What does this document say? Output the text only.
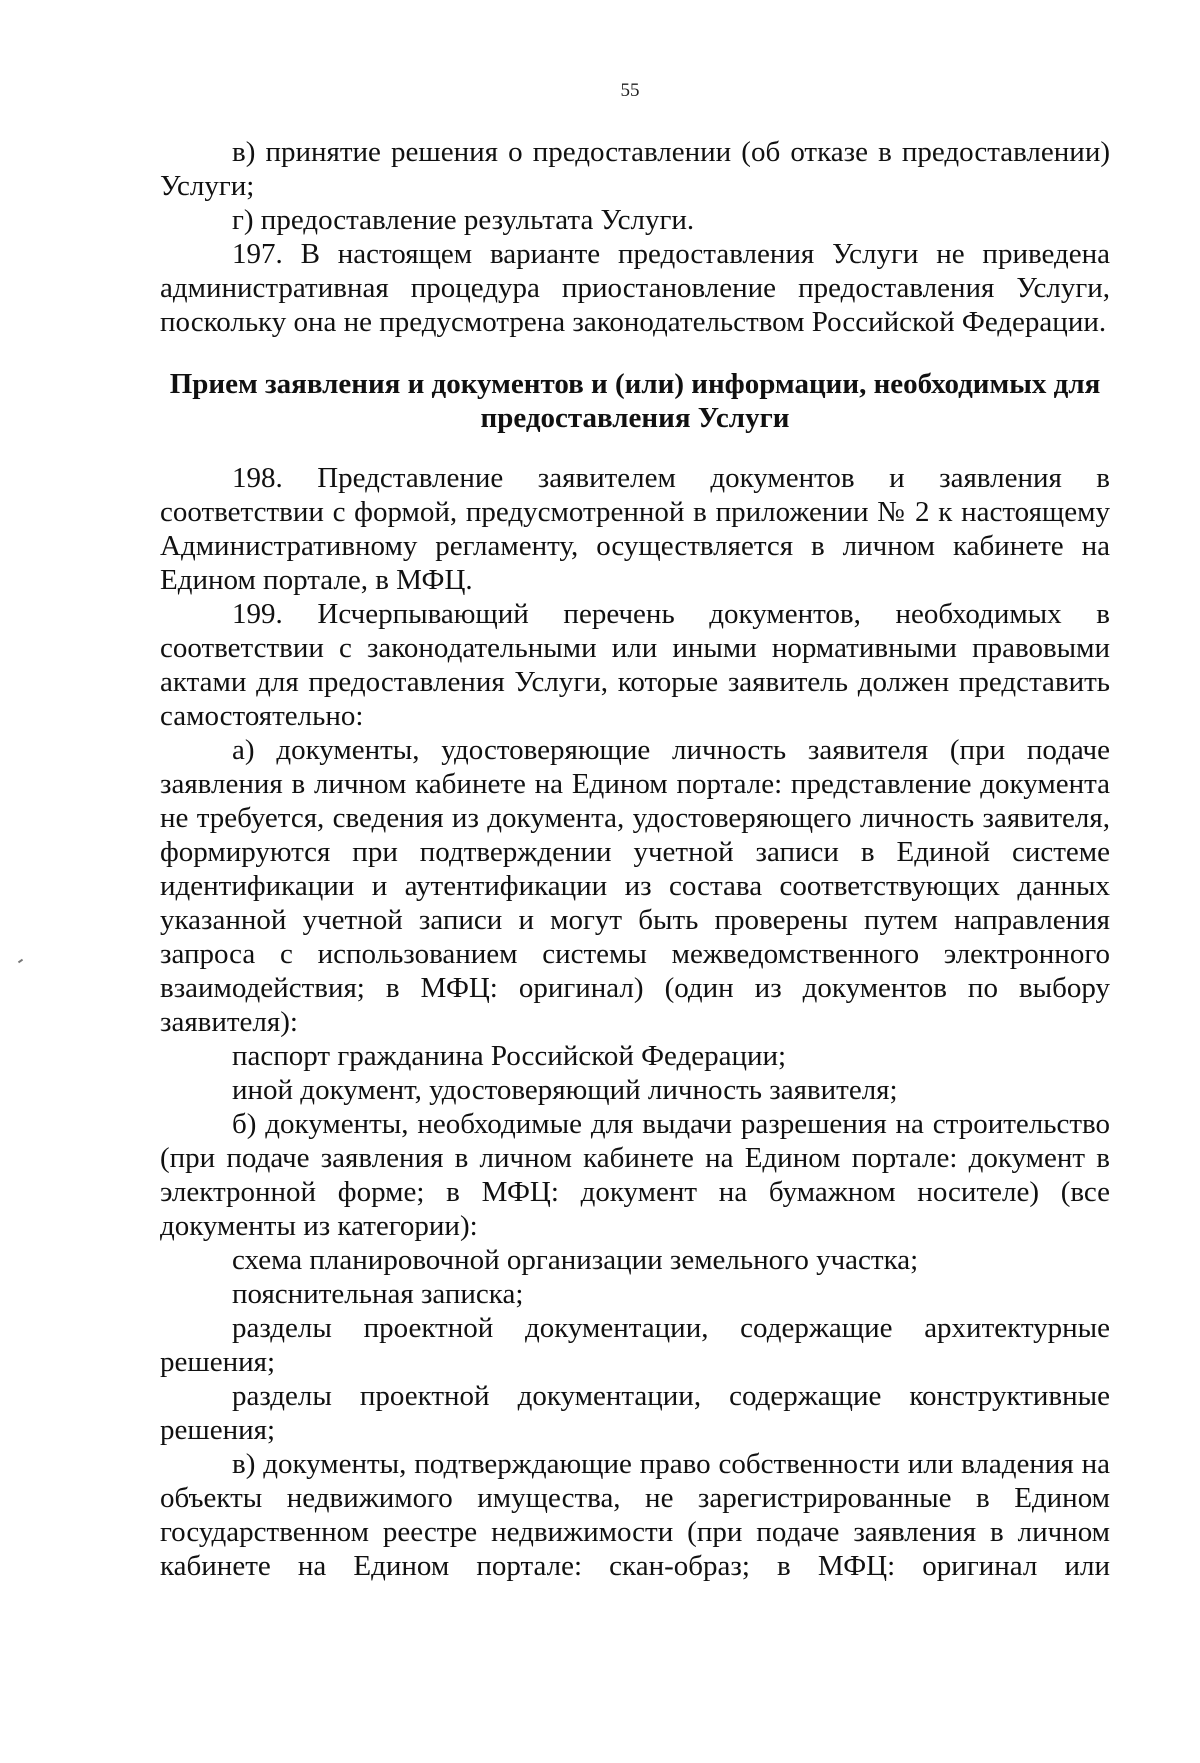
55

в) принятие решения о предоставлении (об отказе в предоставлении) Услуги;

г) предоставление результата Услуги.

197. В настоящем варианте предоставления Услуги не приведена административная процедура приостановление предоставления Услуги, поскольку она не предусмотрена законодательством Российской Федерации.

Прием заявления и документов и (или) информации, необходимых для предоставления Услуги

198. Представление заявителем документов и заявления в соответствии с формой, предусмотренной в приложении № 2 к настоящему Административному регламенту, осуществляется в личном кабинете на Едином портале, в МФЦ.

199. Исчерпывающий перечень документов, необходимых в соответствии с законодательными или иными нормативными правовыми актами для предоставления Услуги, которые заявитель должен представить самостоятельно:

а) документы, удостоверяющие личность заявителя (при подаче заявления в личном кабинете на Едином портале: представление документа не требуется, сведения из документа, удостоверяющего личность заявителя, формируются при подтверждении учетной записи в Единой системе идентификации и аутентификации из состава соответствующих данных указанной учетной записи и могут быть проверены путем направления запроса с использованием системы межведомственного электронного взаимодействия; в МФЦ: оригинал) (один из документов по выбору заявителя):

паспорт гражданина Российской Федерации;

иной документ, удостоверяющий личность заявителя;

б) документы, необходимые для выдачи разрешения на строительство (при подаче заявления в личном кабинете на Едином портале: документ в электронной форме; в МФЦ: документ на бумажном носителе) (все документы из категории):

схема планировочной организации земельного участка;

пояснительная записка;

разделы проектной документации, содержащие архитектурные решения;

разделы проектной документации, содержащие конструктивные решения;

в) документы, подтверждающие право собственности или владения на объекты недвижимого имущества, не зарегистрированные в Едином государственном реестре недвижимости (при подаче заявления в личном кабинете на Едином портале: скан-образ; в МФЦ: оригинал или
